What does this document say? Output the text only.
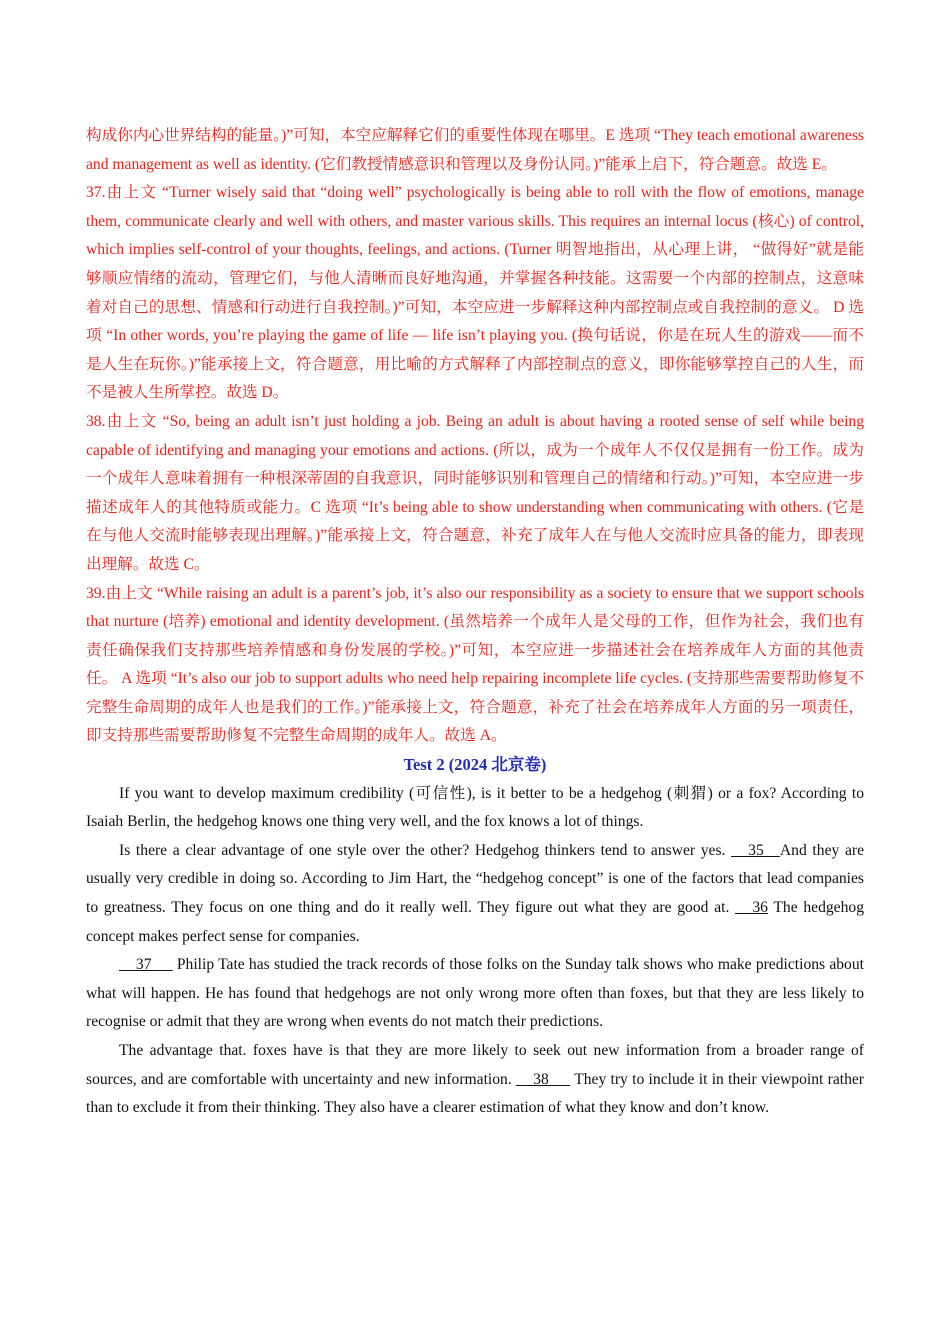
构成你内心世界结构的能量。)”可知，本空应解释它们的重要性体现在哪里。E 选项 “They teach emotional awareness and management as well as identity. (它们教授情感意识和管理以及身份认同。)”能承上启下，符合题意。故选 E。

37.由上文 “Turner wisely said that “doing well” psychologically is being able to roll with the flow of emotions, manage them, communicate clearly and well with others, and master various skills. This requires an internal locus (核心) of control, which implies self-control of your thoughts, feelings, and actions. (Turner 明智地指出，从心理上讲， “做得好”就是能够顺应情绪的流动，管理它们，与他人清晰而良好地沟通，并掌握各种技能。这需要一个内部的控制点，这意味着对自己的思想、情感和行动进行自我控制。)”可知，本空应进一步解释这种内部控制点或自我控制的意义。 D 选项 “In other words, you’re playing the game of life — life isn’t playing you. (换句话说，你是在玩人生的游戏——而不是人生在玩你。)”能承接上文，符合题意，用比喻的方式解释了内部控制点的意义，即你能够掌控自己的人生，而不是被人生所掌控。故选 D。

38.由上文 “So, being an adult isn’t just holding a job. Being an adult is about having a rooted sense of self while being capable of identifying and managing your emotions and actions. (所以，成为一个成年人不仅仅是拥有一份工作。成为一个成年人意味着拥有一种根深蒂固的自我意识，同时能够识别和管理自己的情绪和行动。)”可知，本空应进一步描述成年人的其他特质或能力。C 选项 “It’s being able to show understanding when communicating with others. (它是在与他人交流时能够表现出理解。)”能承接上文，符合题意，补充了成年人在与他人交流时应具备的能力，即表现出理解。故选 C。

39.由上文 “While raising an adult is a parent’s job, it’s also our responsibility as a society to ensure that we support schools that nurture (培养) emotional and identity development. (虽然培养一个成年人是父母的工作，但作为社会，我们也有责任确保我们支持那些培养情感和身份发展的学校。)”可知，本空应进一步描述社会在培养成年人方面的其他责任。 A 选项 “It’s also our job to support adults who need help repairing incomplete life cycles. (支持那些需要帮助修复不完整生命周期的成年人也是我们的工作。)”能承接上文，符合题意，补充了社会在培养成年人方面的另一项责任，即支持那些需要帮助修复不完整生命周期的成年人。故选 A。

Test 2 (2024 北京卷)

If you want to develop maximum credibility (可信性), is it better to be a hedgehog (刺猬) or a fox? According to Isaiah Berlin, the hedgehog knows one thing very well, and the fox knows a lot of things.

Is there a clear advantage of one style over the other? Hedgehog thinkers tend to answer yes.    35   And they are usually very credible in doing so. According to Jim Hart, the “hedgehog concept” is one of the factors that lead companies to greatness. They focus on one thing and do it really well. They figure out what they are good at.    36 The hedgehog concept makes perfect sense for companies.

37      Philip Tate has studied the track records of those folks on the Sunday talk shows who make predictions about what will happen. He has found that hedgehogs are not only wrong more often than foxes, but that they are less likely to recognise or admit that they are wrong when events do not match their predictions.

The advantage that. foxes have is that they are more likely to seek out new information from a broader range of sources, and are comfortable with uncertainty and new information.     38      They try to include it in their viewpoint rather than to exclude it from their thinking. They also have a clearer estimation of what they know and don’t know.
